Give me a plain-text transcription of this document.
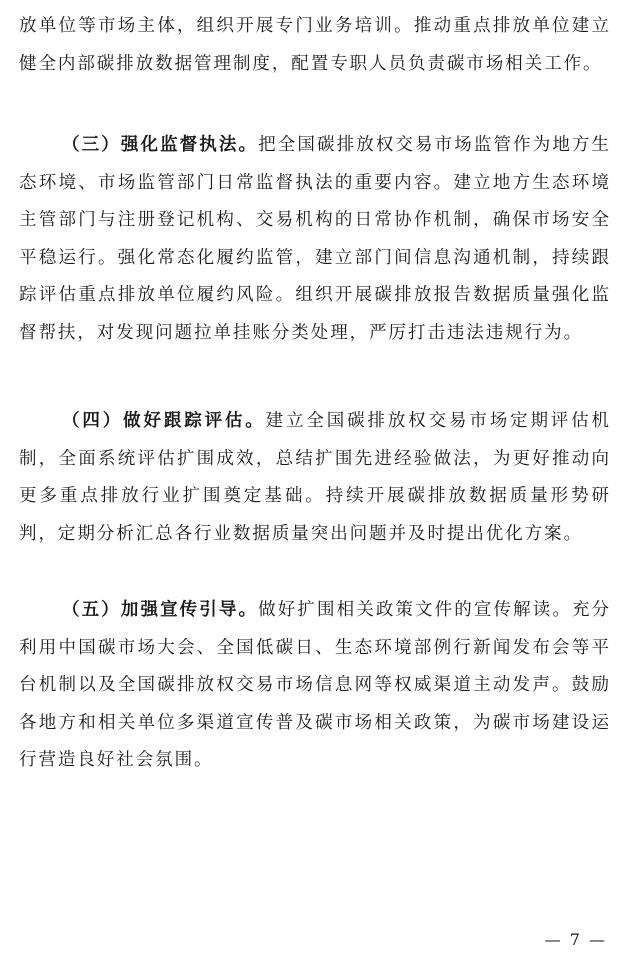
放单位等市场主体，组织开展专门业务培训。推动重点排放单位建立健全内部碳排放数据管理制度，配置专职人员负责碳市场相关工作。

（三）强化监督执法。把全国碳排放权交易市场监管作为地方生态环境、市场监管部门日常监督执法的重要内容。建立地方生态环境主管部门与注册登记机构、交易机构的日常协作机制，确保市场安全平稳运行。强化常态化履约监管，建立部门间信息沟通机制，持续跟踪评估重点排放单位履约风险。组织开展碳排放报告数据质量强化监督帮扶，对发现问题拉单挂账分类处理，严厉打击违法违规行为。

（四）做好跟踪评估。建立全国碳排放权交易市场定期评估机制，全面系统评估扩围成效，总结扩围先进经验做法，为更好推动向更多重点排放行业扩围奠定基础。持续开展碳排放数据质量形势研判，定期分析汇总各行业数据质量突出问题并及时提出优化方案。

（五）加强宣传引导。做好扩围相关政策文件的宣传解读。充分利用中国碳市场大会、全国低碳日、生态环境部例行新闻发布会等平台机制以及全国碳排放权交易市场信息网等权威渠道主动发声。鼓励各地方和相关单位多渠道宣传普及碳市场相关政策，为碳市场建设运行营造良好社会氛围。

— 7 —
